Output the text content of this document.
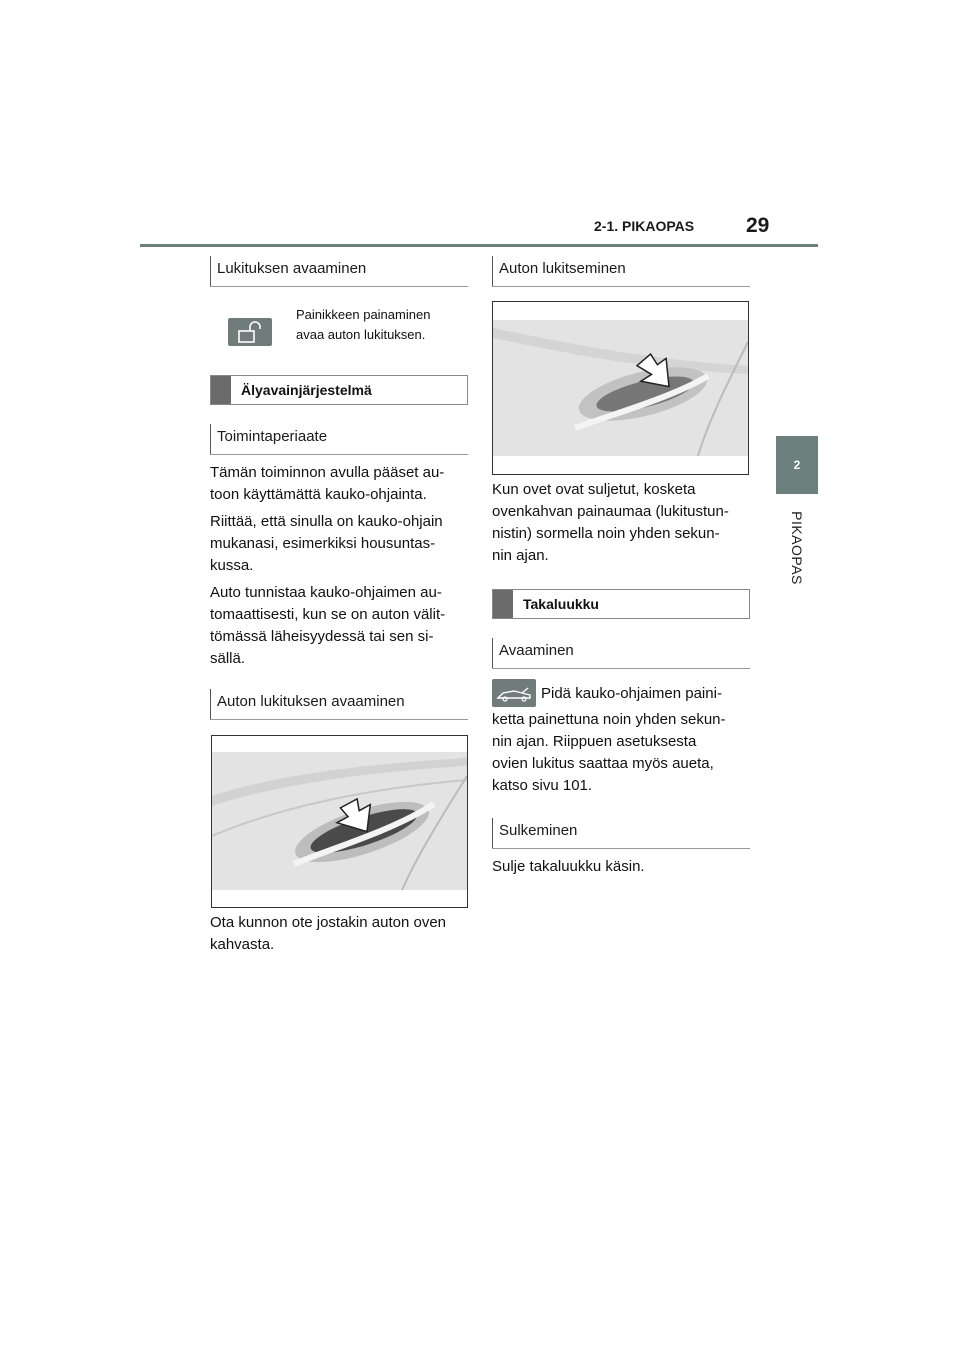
2-1. PIKAOPAS 29
2
PIKAOPAS
Lukituksen avaaminen
Painikkeen painaminen
avaa auton lukituksen.
Älyavainjärjestelmä
Toimintaperiaate
Tämän toiminnon avulla pääset au-
toon käyttämättä kauko-ohjainta.
Riittää, että sinulla on kauko-ohjain
mukanasi, esimerkiksi housuntas-
kussa.
Auto tunnistaa kauko-ohjaimen au-
tomaattisesti, kun se on auton välit-
tömässä läheisyydessä tai sen si-
sällä.
Auton lukituksen avaaminen
Ota kunnon ote jostakin auton oven
kahvasta.
Auton lukitseminen
Kun ovet ovat suljetut, kosketa
ovenkahvan painaumaa (lukitustun-
nistin) sormella noin yhden sekun-
nin ajan.
Takaluukku
Avaaminen
Pidä kauko-ohjaimen paini-
ketta painettuna noin yhden sekun-
nin ajan. Riippuen asetuksesta
ovien lukitus saattaa myös aueta,
katso sivu 101.
Sulkeminen
Sulje takaluukku käsin.
